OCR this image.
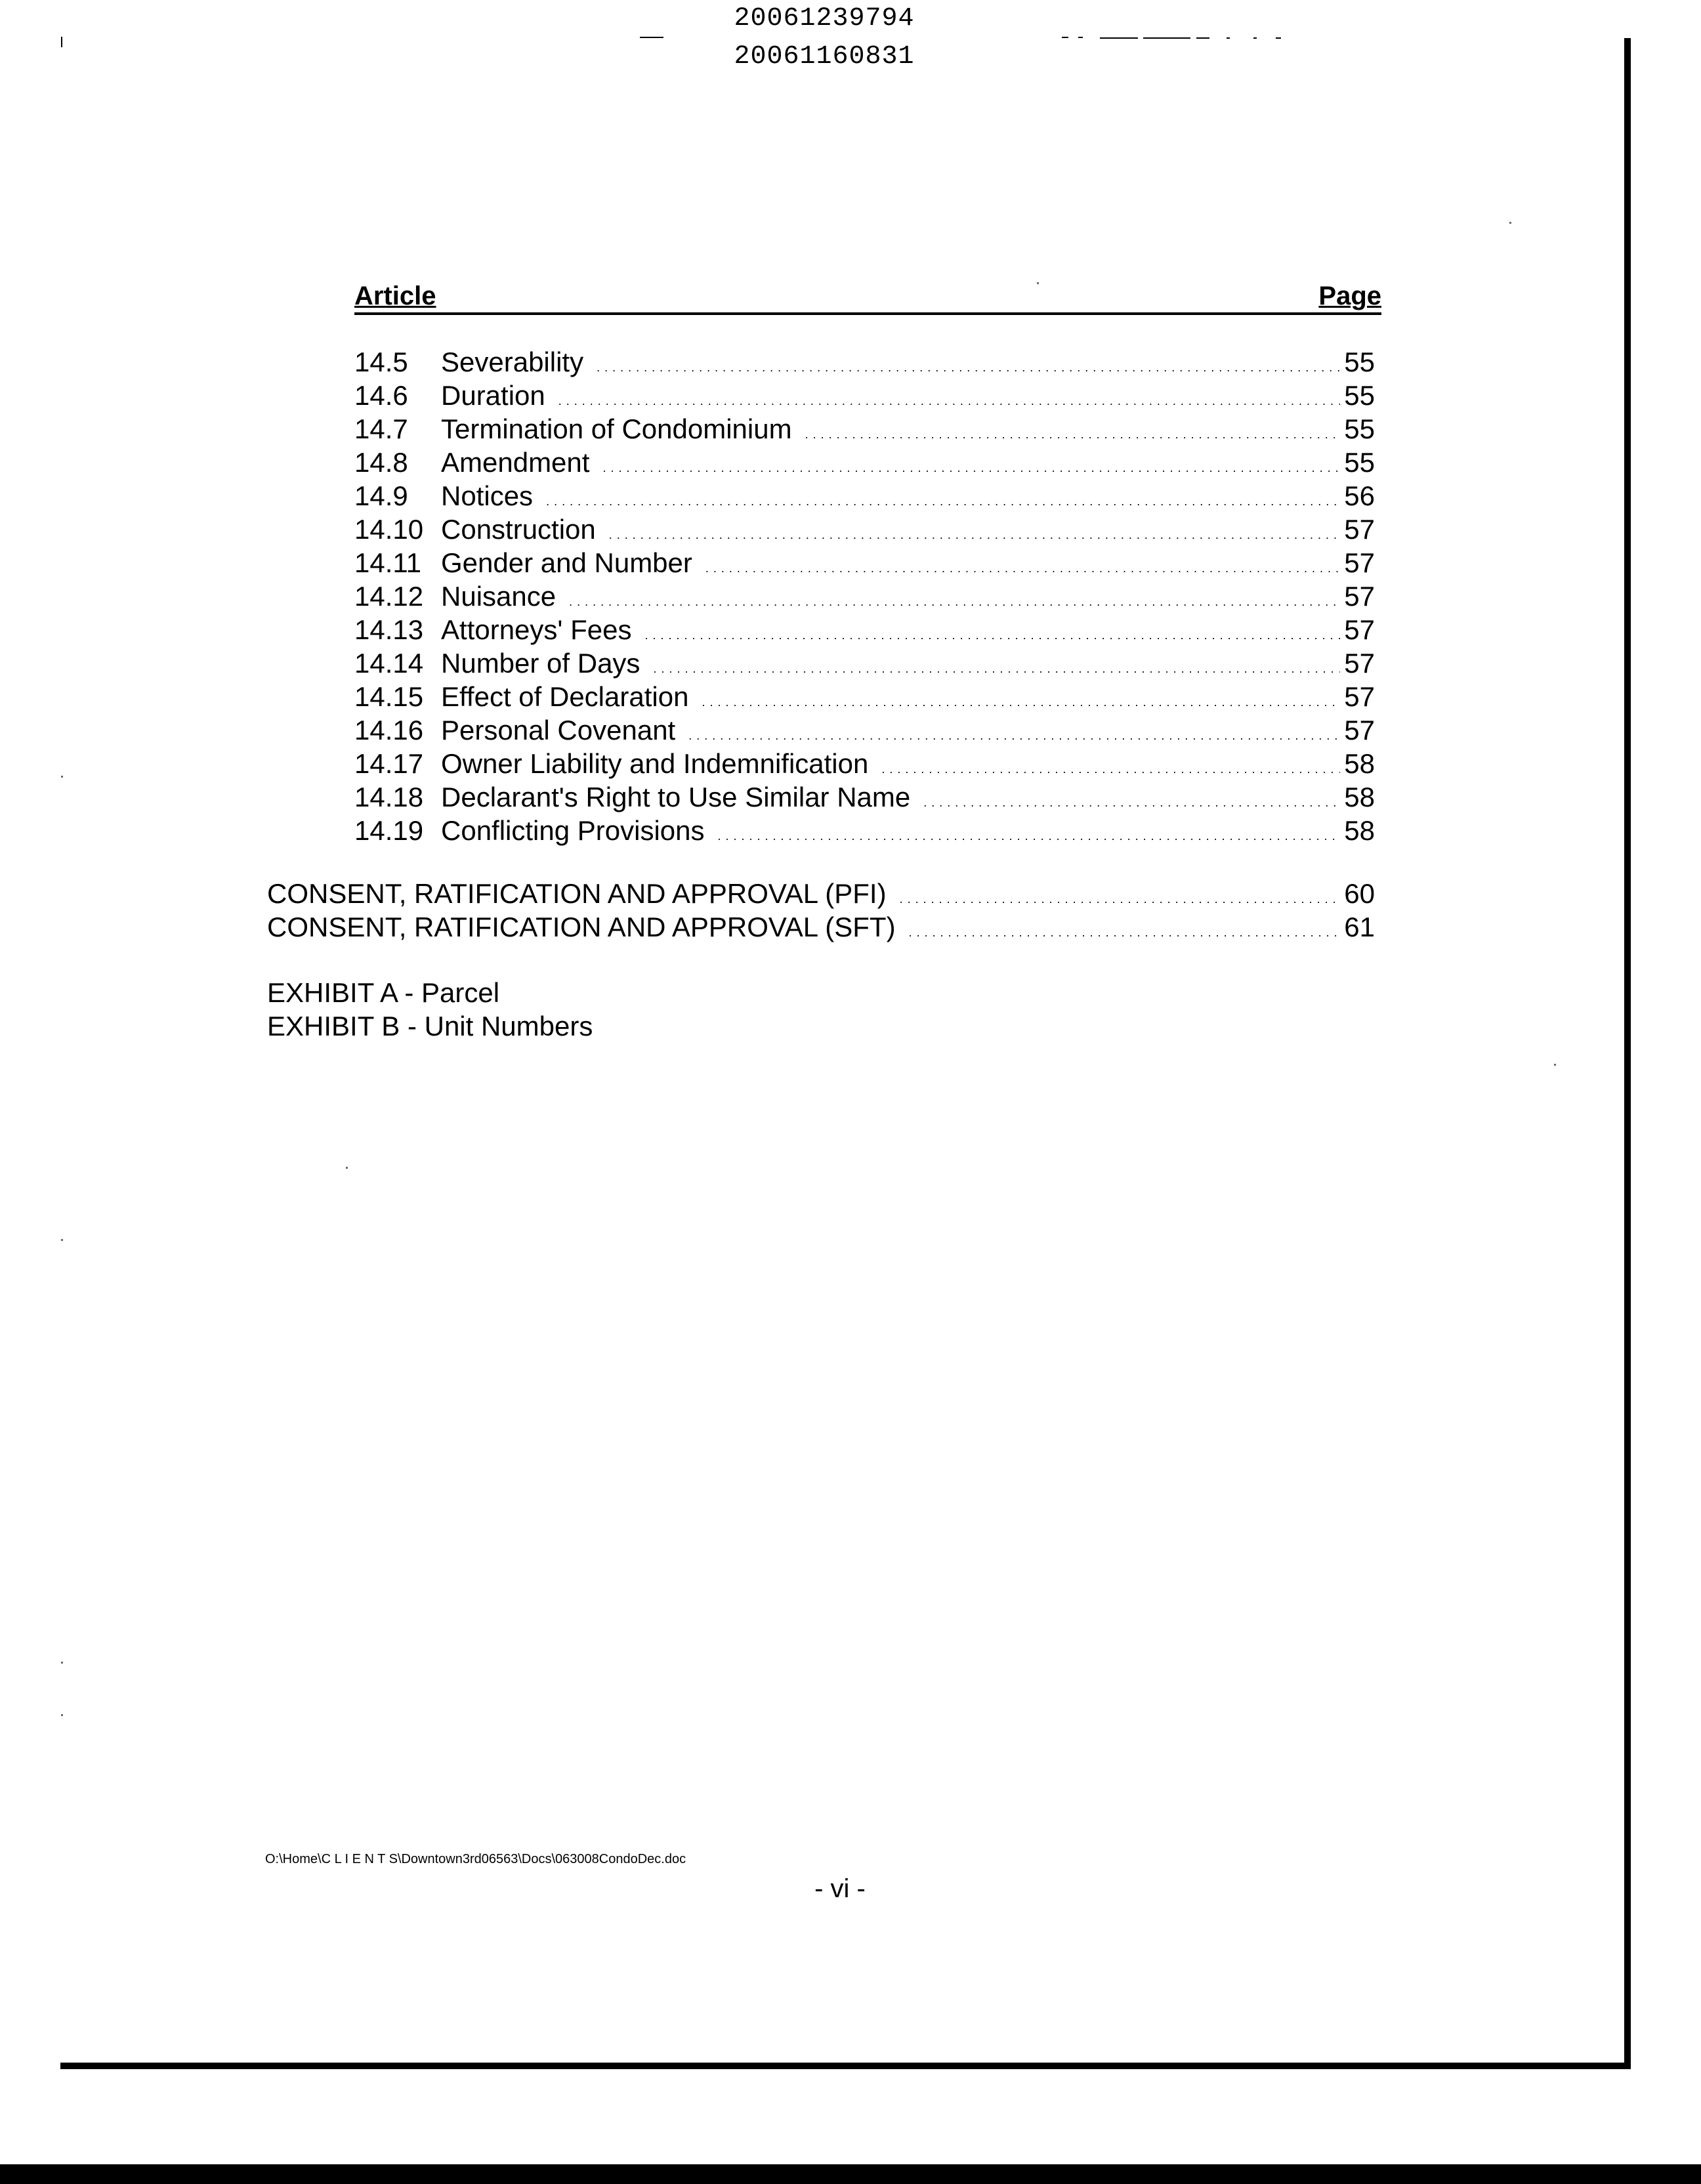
20061239794
20061160831
Article	Page
14.5	Severability . . .	55
14.6	Duration . . .	55
14.7	Termination of Condominium . . .	55
14.8	Amendment . . .	55
14.9	Notices . . .	56
14.10 Construction . . .	57
14.11 Gender and Number . . .	57
14.12 Nuisance . . .	57
14.13 Attorneys' Fees . . .	57
14.14 Number of Days . . .	57
14.15 Effect of Declaration . . .	57
14.16 Personal Covenant . . .	57
14.17 Owner Liability and Indemnification . . .	58
14.18 Declarant's Right to Use Similar Name . . .	58
14.19 Conflicting Provisions . . .	58
CONSENT, RATIFICATION AND APPROVAL (PFI) . . .	60
CONSENT, RATIFICATION AND APPROVAL (SFT) . . .	61
EXHIBIT A - Parcel
EXHIBIT B - Unit Numbers
O:\Home\C L I E N T S\Downtown3rd06563\Docs\063008CondoDec.doc
- vi -
